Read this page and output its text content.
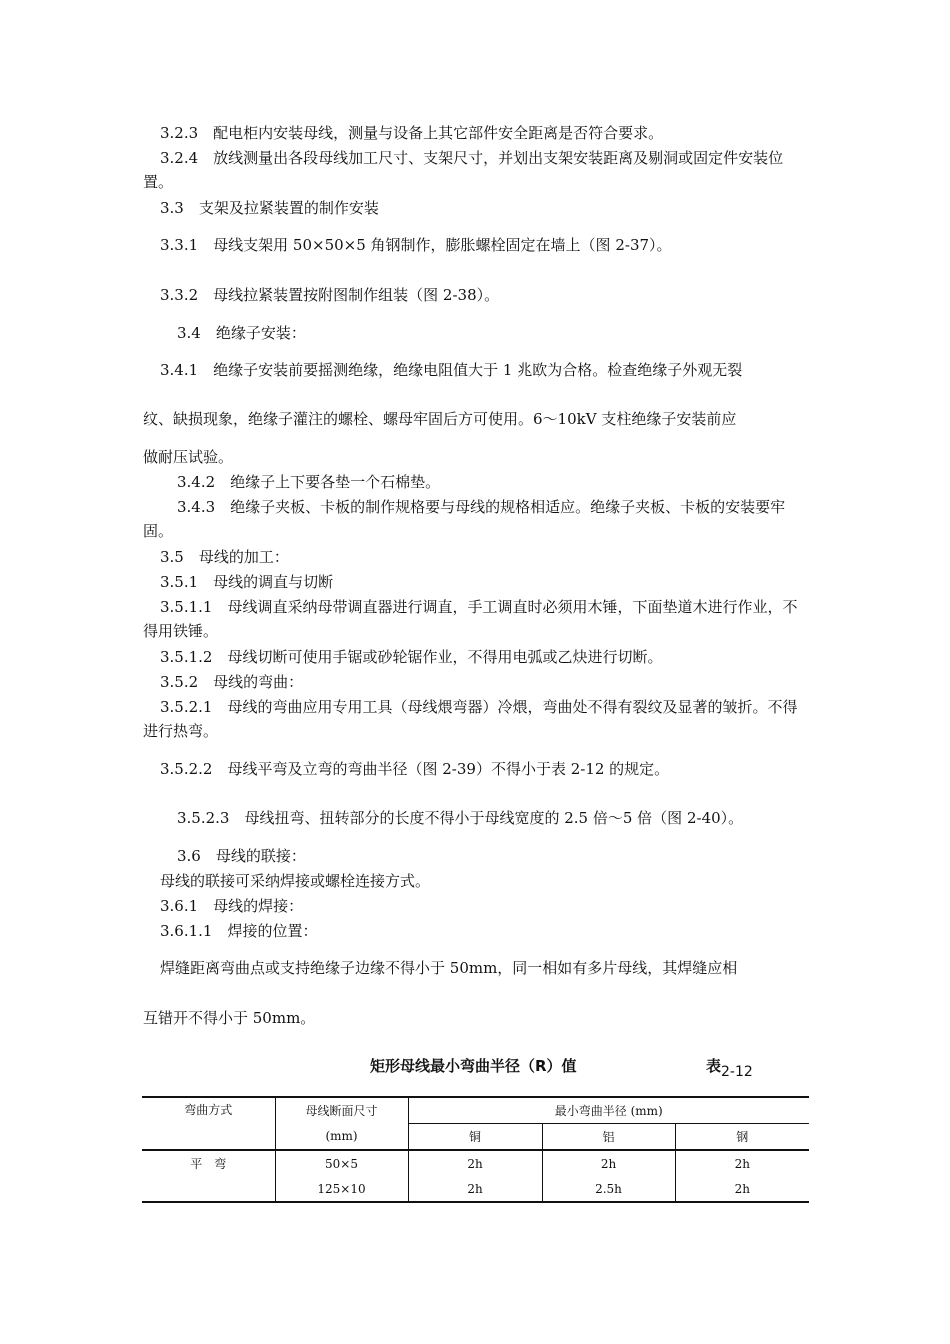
3.2.3　配电柜内安装母线，测量与设备上其它部件安全距离是否符合要求。
3.2.4　放线测量出各段母线加工尺寸、支架尺寸，并划出支架安装距离及剔洞或固定件安装位置。
3.3　支架及拉紧装置的制作安装
3.3.1　母线支架用 50×50×5 角钢制作，膨胀螺栓固定在墙上（图 2-37）。
3.3.2　母线拉紧装置按附图制作组装（图 2-38）。
3.4　绝缘子安装：
3.4.1　绝缘子安装前要摇测绝缘，绝缘电阻值大于 1 兆欧为合格。检查绝缘子外观无裂
纹、缺损现象，绝缘子灌注的螺栓、螺母牢固后方可使用。6～10kV 支柱绝缘子安装前应
做耐压试验。
3.4.2　绝缘子上下要各垫一个石棉垫。
3.4.3　绝缘子夹板、卡板的制作规格要与母线的规格相适应。绝缘子夹板、卡板的安装要牢固。
3.5　母线的加工：
3.5.1　母线的调直与切断
3.5.1.1　母线调直采纳母带调直器进行调直，手工调直时必须用木锤，下面垫道木进行作业，不得用铁锤。
3.5.1.2　母线切断可使用手锯或砂轮锯作业，不得用电弧或乙炔进行切断。
3.5.2　母线的弯曲：
3.5.2.1　母线的弯曲应用专用工具（母线煨弯器）冷煨，弯曲处不得有裂纹及显著的皱折。不得进行热弯。
3.5.2.2　母线平弯及立弯的弯曲半径（图 2-39）不得小于表 2-12 的规定。
3.5.2.3　母线扭弯、扭转部分的长度不得小于母线宽度的 2.5 倍～5 倍（图 2-40）。
3.6　母线的联接：
母线的联接可采纳焊接或螺栓连接方式。
3.6.1　母线的焊接：
3.6.1.1　焊接的位置：
焊缝距离弯曲点或支持绝缘子边缘不得小于 50mm，同一相如有多片母线，其焊缝应相
互错开不得小于 50mm。
矩形母线最小弯曲半径（R）值	表2-12
弯曲方式	母线断面尺寸	最小弯曲半径 (mm)		
	(mm)	铜	铝	钢
平　弯	50×5	2h	2h	2h
	125×10	2h	2.5h	2h
